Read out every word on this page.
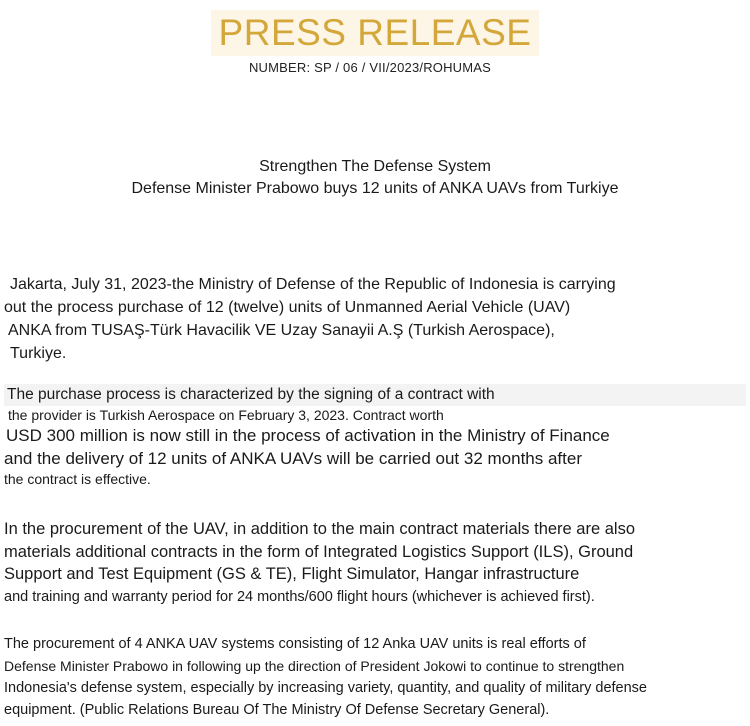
PRESS RELEASE
NUMBER: SP / 06 / VII/2023/ROHUMAS
Strengthen The Defense System
Defense Minister Prabowo buys 12 units of ANKA UAVs from Turkiye
Jakarta, July 31, 2023-the Ministry of Defense of the Republic of Indonesia is carrying
out the process purchase of 12 (twelve) units of Unmanned Aerial Vehicle (UAV)
ANKA from TUSAŞ-Türk Havacilik VE Uzay Sanayii A.Ş (Turkish Aerospace),
Turkiye.
The purchase process is characterized by the signing of a contract with
the provider is Turkish Aerospace on February 3, 2023. Contract worth
USD 300 million is now still in the process of activation in the Ministry of Finance
and the delivery of 12 units of ANKA UAVs will be carried out 32 months after
the contract is effective.
In the procurement of the UAV, in addition to the main contract materials there are also
materials additional contracts in the form of Integrated Logistics Support (ILS), Ground
Support and Test Equipment (GS & TE), Flight Simulator, Hangar infrastructure
and training and warranty period for 24 months/600 flight hours (whichever is achieved first).
The procurement of 4 ANKA UAV systems consisting of 12 Anka UAV units is real efforts of
Defense Minister Prabowo in following up the direction of President Jokowi to continue to strengthen
Indonesia's defense system, especially by increasing variety, quantity, and quality of military defense
equipment. (Public Relations Bureau Of The Ministry Of Defense Secretary General).
